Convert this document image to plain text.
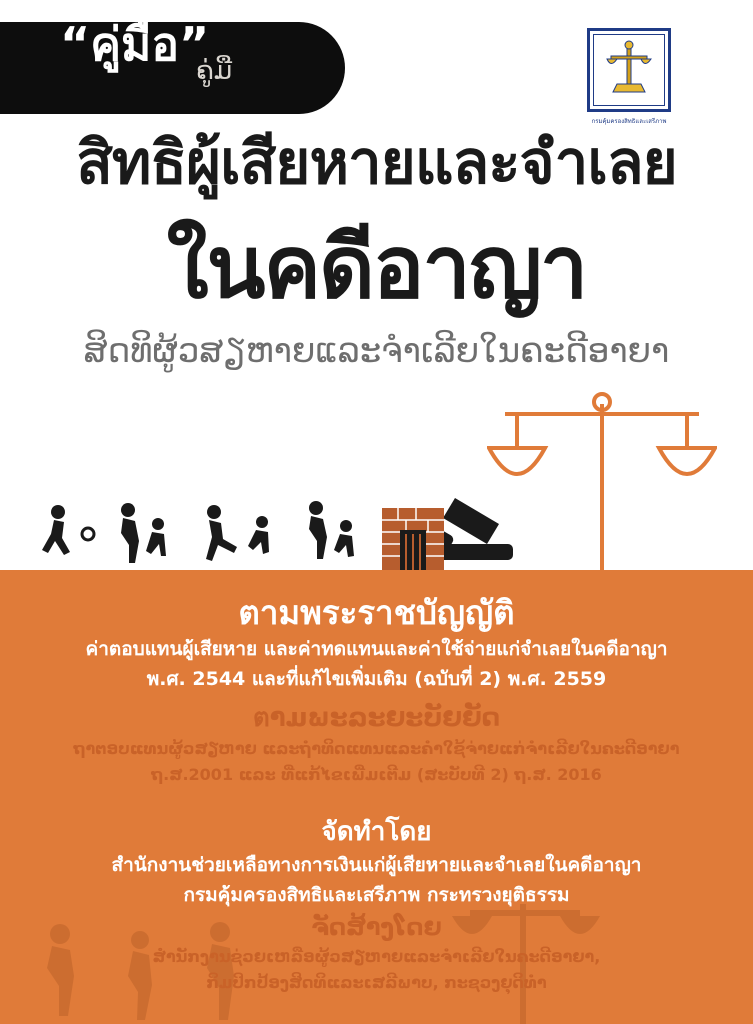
“คู่มือ”
ຄູ່ມື
กรมคุ้มครองสิทธิและเสรีภาพ
สิทธิผู้เสียหายและจำเลย
ในคดีอาญา
ສິດທິຜູ້ວສຽຫາຍແລະຈຳເລີຍໃນຄະດີອາຍາ
ตามพระราชบัญญัติ
ค่าตอบแทนผู้เสียหาย และค่าทดแทนและค่าใช้จ่ายแก่จำเลยในคดีอาญา
พ.ศ. 2544 และที่แก้ไขเพิ่มเติม (ฉบับที่ 2) พ.ศ. 2559
ตາມພະລະຍະບັຍຍັດ
ຖາຕອບແທນຜູ້ວສຽຫາຍ ແລະຖຳທິດແທນແລະຄຳໃຊ້ຈ່າຍແກ່ຈຳເລີຍໃນຄະດີອາຍາ
ຖ.ສ.2001 ແລະ ທີ່ແກ້ໄຂເພີ່ມເຕີມ (ສະບັບທີ 2) ຖ.ສ. 2016
จัดทำโดย
สำนักงานช่วยเหลือทางการเงินแก่ผู้เสียหายและจำเลยในคดีอาญา
กรมคุ้มครองสิทธิและเสรีภาพ กระทรวงยุติธรรม
ຈັດສ້າງໂດຍ
ສຳນັກງານຊ່ວຍເຫລືອຜູ້ວສຽຫາຍແລະຈຳເລີຍໃນຄະດີອາຍາ,
ກິມປິກປ້ອງສິດທິແລະເສລີພາບ, ກະຊວງຍຸດິທຳ
